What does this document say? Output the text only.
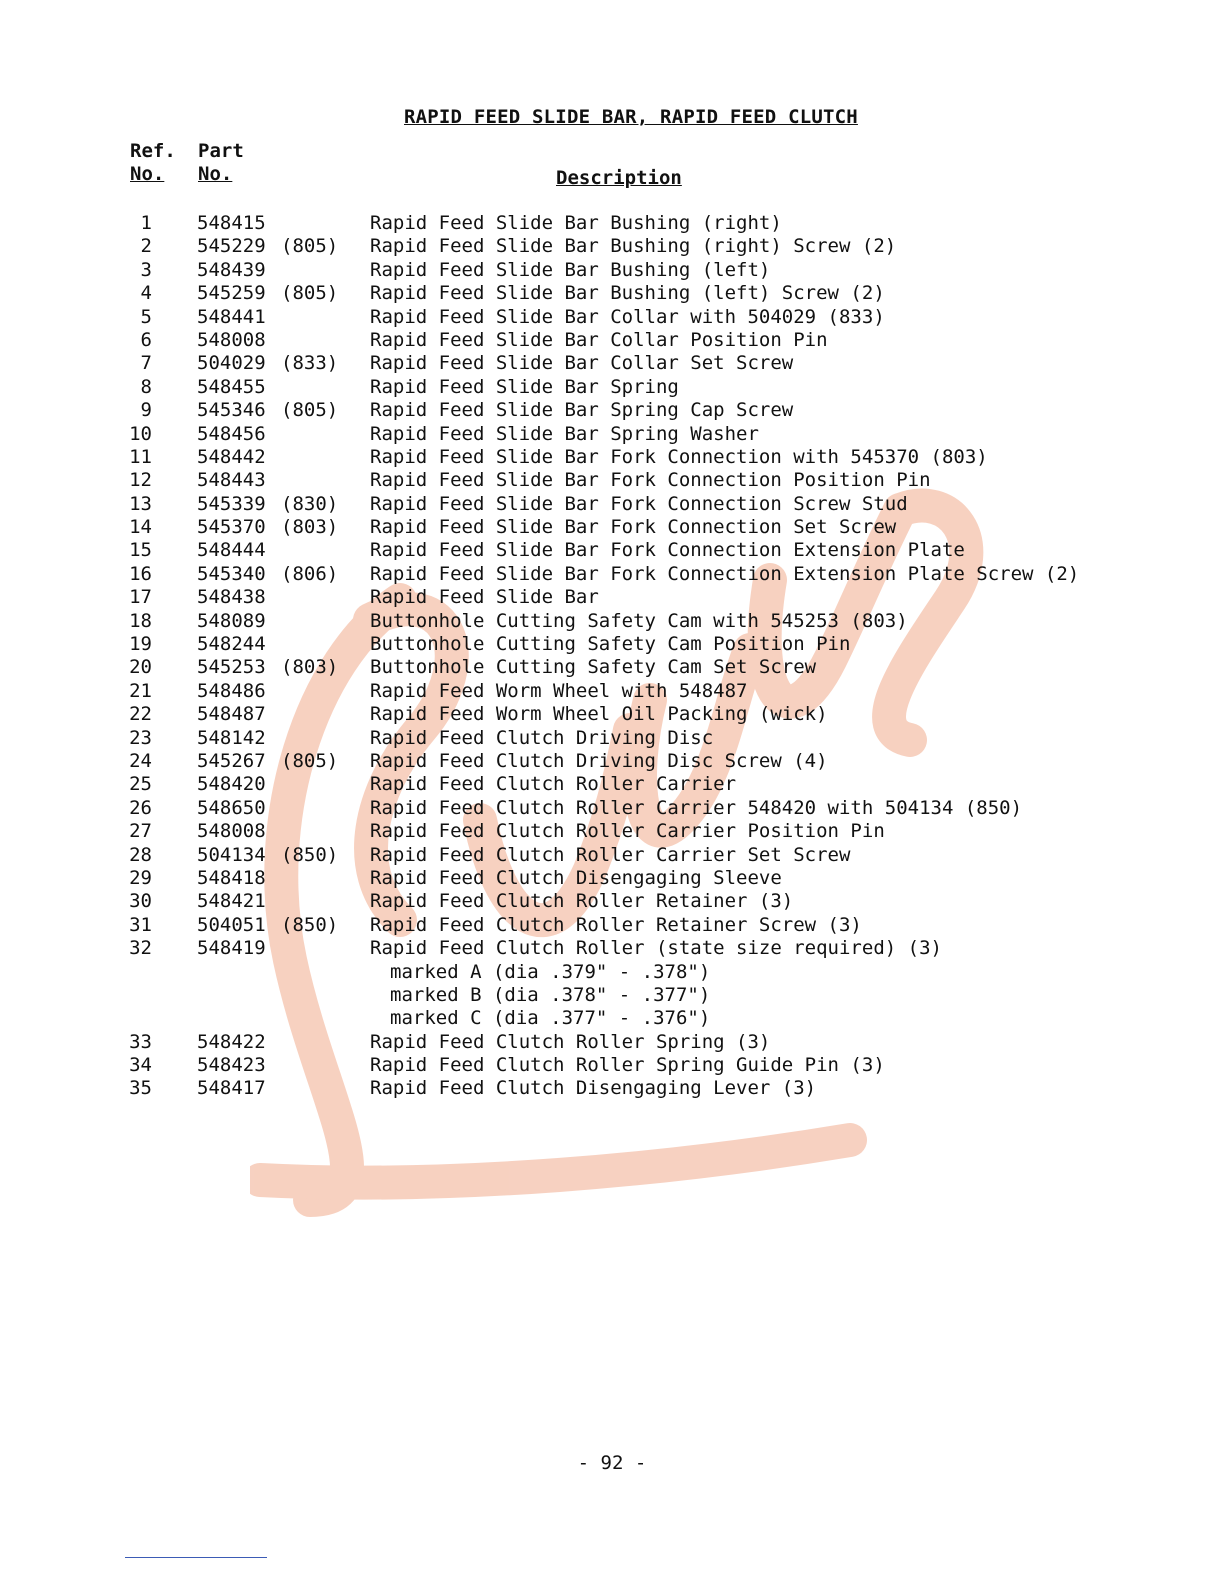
RAPID FEED SLIDE BAR, RAPID FEED CLUTCH
Ref.
No.
Part
No.	Description
1 548415	Rapid Feed Slide Bar Bushing (right)
2 545229 (805) Rapid Feed Slide Bar Bushing (right) Screw (2)
3 548439	Rapid Feed Slide Bar Bushing (left)
4 545259 (805) Rapid Feed Slide Bar Bushing (left) Screw (2)
5 548441	Rapid Feed Slide Bar Collar with 504029 (833)
6 548008	Rapid Feed Slide Bar Collar Position Pin
7 504029 (833) Rapid Feed Slide Bar Collar Set Screw
8 548455	Rapid Feed Slide Bar Spring
9 545346 (805) Rapid Feed Slide Bar Spring Cap Screw
10 548456	Rapid Feed Slide Bar Spring Washer
11 548442	Rapid Feed Slide Bar Fork Connection with 545370 (803)
12 548443	Rapid Feed Slide Bar Fork Connection Position Pin
13 545339 (830) Rapid Feed Slide Bar Fork Connection Screw Stud
14 545370 (803) Rapid Feed Slide Bar Fork Connection Set Screw
15 548444	Rapid Feed Slide Bar Fork Connection Extension Plate
16 545340 (806) Rapid Feed Slide Bar Fork Connection Extension Plate Screw (2)
17 548438	Rapid Feed Slide Bar
18 548089	Buttonhole Cutting Safety Cam with 545253 (803)
19 548244	Buttonhole Cutting Safety Cam Position Pin
20 545253 (803) Buttonhole Cutting Safety Cam Set Screw
21 548486	Rapid Feed Worm Wheel with 548487
22 548487	Rapid Feed Worm Wheel Oil Packing (wick)
23 548142	Rapid Feed Clutch Driving Disc
24 545267 (805) Rapid Feed Clutch Driving Disc Screw (4)
25 548420	Rapid Feed Clutch Roller Carrier
26 548650	Rapid Feed Clutch Roller Carrier 548420 with 504134 (850)
27 548008	Rapid Feed Clutch Roller Carrier Position Pin
28 504134 (850) Rapid Feed Clutch Roller Carrier Set Screw
29 548418	Rapid Feed Clutch Disengaging Sleeve
30 548421	Rapid Feed Clutch Roller Retainer (3)
31 504051 (850) Rapid Feed Clutch Roller Retainer Screw (3)
32 548419	Rapid Feed Clutch Roller (state size required) (3)
marked A (dia .379" - .378")
marked B (dia .378" - .377")
marked C (dia .377" - .376")
33 548422	Rapid Feed Clutch Roller Spring (3)
34 548423	Rapid Feed Clutch Roller Spring Guide Pin (3)
35 548417	Rapid Feed Clutch Disengaging Lever (3)
- 92 -
